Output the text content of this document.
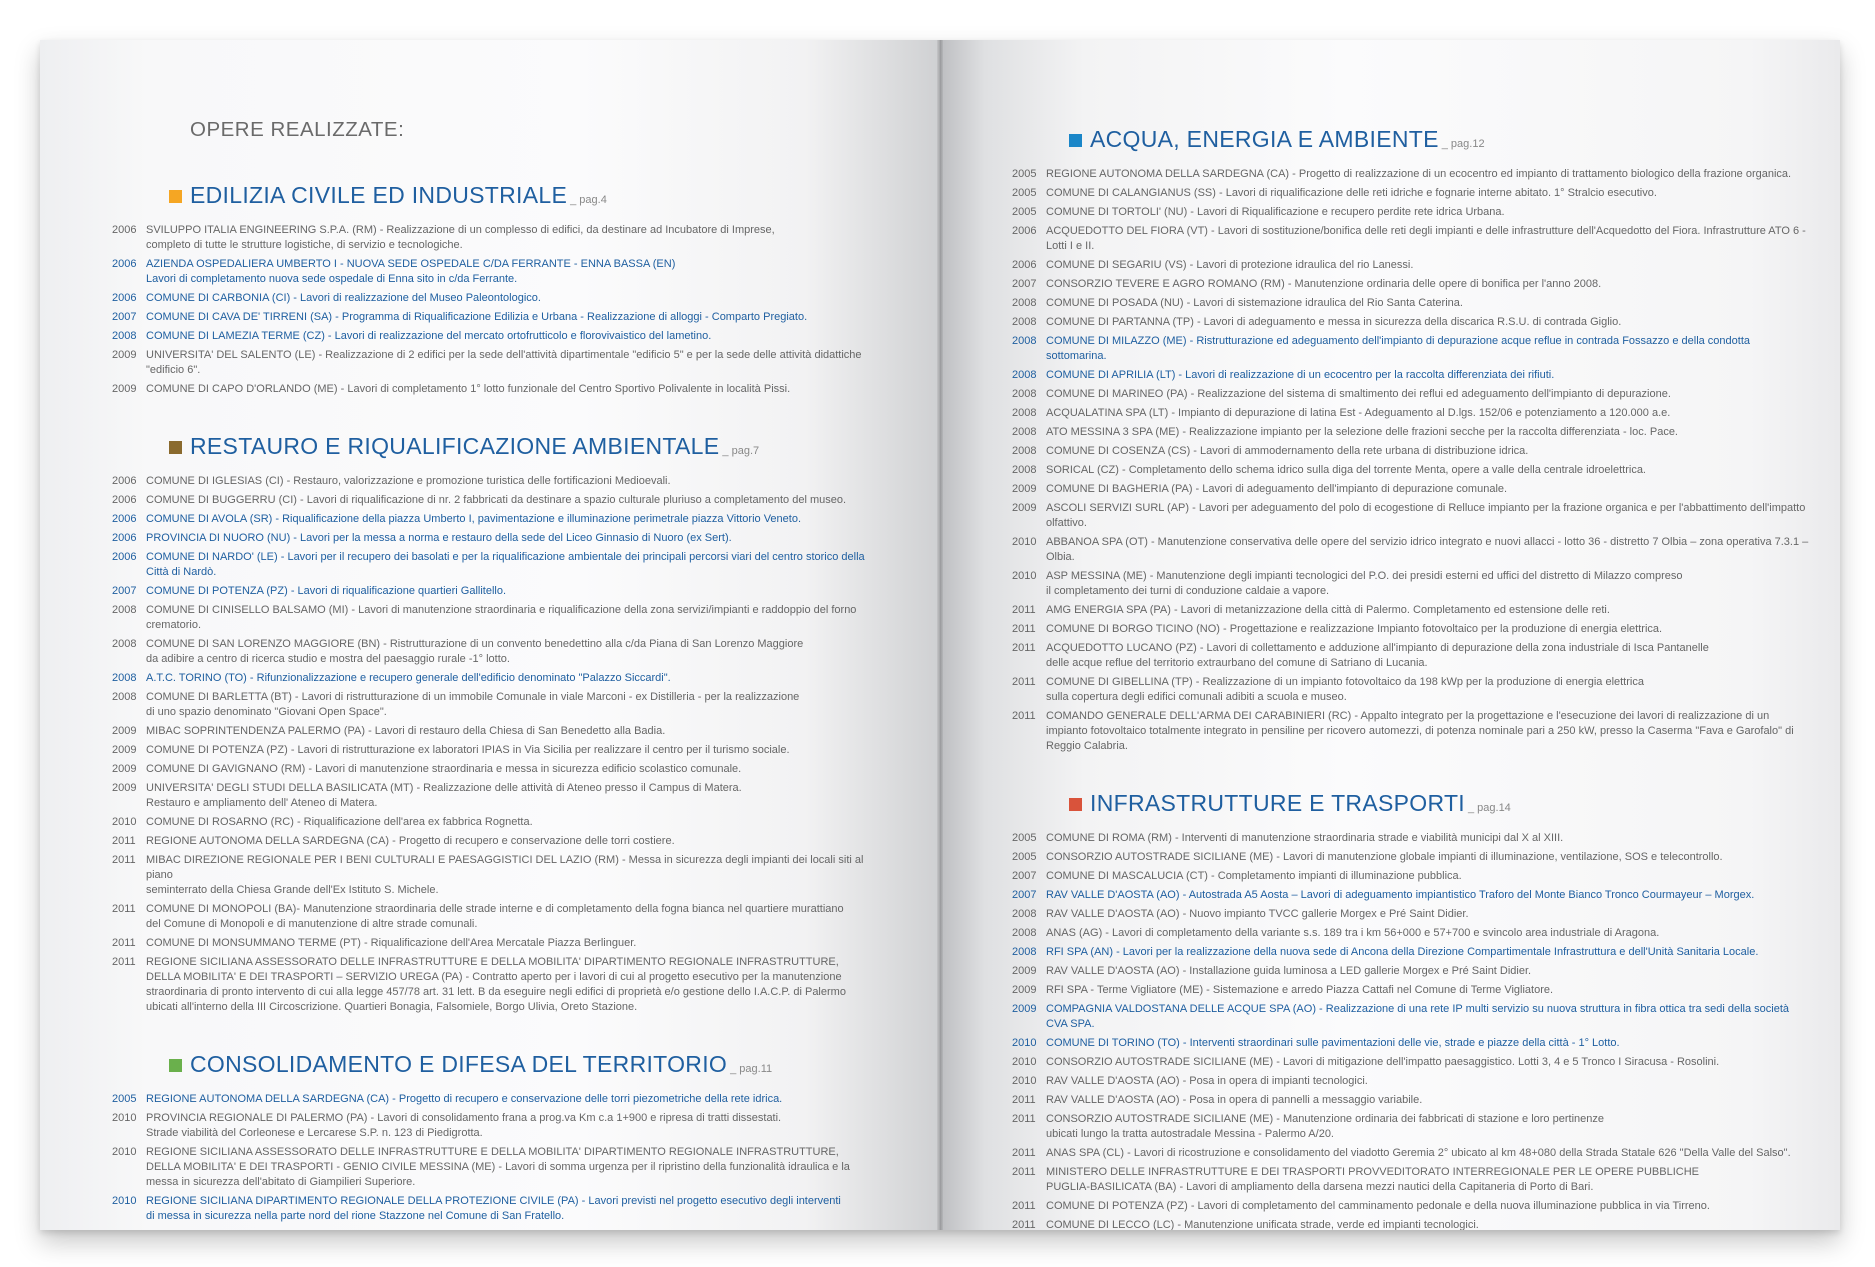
OPERE REALIZZATE:
EDILIZIA CIVILE ED INDUSTRIALE _ pag.4
2006 SVILUPPO ITALIA ENGINEERING S.P.A. (RM) - Realizzazione di un complesso di edifici, da destinare ad Incubatore di Imprese,
completo di tutte le strutture logistiche, di servizio e tecnologiche.
2006 AZIENDA OSPEDALIERA UMBERTO I - NUOVA SEDE OSPEDALE C/DA FERRANTE - ENNA BASSA (EN)
Lavori di completamento nuova sede ospedale di Enna sito in c/da Ferrante.
2006 COMUNE DI CARBONIA (CI) - Lavori di realizzazione del Museo Paleontologico.
2007 COMUNE DI CAVA DE' TIRRENI (SA) - Programma di Riqualificazione Edilizia e Urbana - Realizzazione di alloggi - Comparto Pregiato.
2008 COMUNE DI LAMEZIA TERME (CZ) - Lavori di realizzazione del mercato ortofrutticolo e florovivaistico del lametino.
2009 UNIVERSITA' DEL SALENTO (LE) - Realizzazione di 2 edifici per la sede dell'attività dipartimentale "edificio 5" e per la sede delle attività didattiche "edificio 6".
2009 COMUNE DI CAPO D'ORLANDO (ME) - Lavori di completamento 1° lotto funzionale del Centro Sportivo Polivalente in località Pissi.
RESTAURO E RIQUALIFICAZIONE AMBIENTALE _ pag.7
2006 COMUNE DI IGLESIAS (CI) - Restauro, valorizzazione e promozione turistica delle fortificazioni Medioevali.
2006 COMUNE DI BUGGERRU (CI) - Lavori di riqualificazione di nr. 2 fabbricati da destinare a spazio culturale pluriuso a completamento del museo.
2006 COMUNE DI AVOLA (SR) - Riqualificazione della piazza Umberto I, pavimentazione e illuminazione perimetrale piazza Vittorio Veneto.
2006 PROVINCIA DI NUORO (NU) - Lavori per la messa a norma e restauro della sede del Liceo Ginnasio di Nuoro (ex Sert).
2006 COMUNE DI NARDO' (LE) - Lavori per il recupero dei basolati e per la riqualificazione ambientale dei principali percorsi viari del centro storico della Città di Nardò.
2007 COMUNE DI POTENZA (PZ) - Lavori di riqualificazione quartieri Gallitello.
2008 COMUNE DI CINISELLO BALSAMO (MI) - Lavori di manutenzione straordinaria e riqualificazione della zona servizi/impianti e raddoppio del forno crematorio.
2008 COMUNE DI SAN LORENZO MAGGIORE (BN) - Ristrutturazione di un convento benedettino alla c/da Piana di San Lorenzo Maggiore
da adibire a centro di ricerca studio e mostra del paesaggio rurale -1° lotto.
2008 A.T.C. TORINO (TO) - Rifunzionalizzazione e recupero generale dell'edificio denominato "Palazzo Siccardi".
2008 COMUNE DI BARLETTA (BT) - Lavori di ristrutturazione di un immobile Comunale in viale Marconi - ex Distilleria - per la realizzazione
di uno spazio denominato "Giovani Open Space".
2009 MIBAC SOPRINTENDENZA PALERMO (PA) - Lavori di restauro della Chiesa di San Benedetto alla Badia.
2009 COMUNE DI POTENZA (PZ) - Lavori di ristrutturazione ex laboratori IPIAS in Via Sicilia per realizzare il centro per il turismo sociale.
2009 COMUNE DI GAVIGNANO (RM) - Lavori di manutenzione straordinaria e messa in sicurezza edificio scolastico comunale.
2009 UNIVERSITA' DEGLI STUDI DELLA BASILICATA (MT) - Realizzazione delle attività di Ateneo presso il Campus di Matera.
Restauro e ampliamento dell' Ateneo di Matera.
2010 COMUNE DI ROSARNO (RC) - Riqualificazione dell'area ex fabbrica Rognetta.
2011 REGIONE AUTONOMA DELLA SARDEGNA (CA) - Progetto di recupero e conservazione delle torri costiere.
2011 MIBAC DIREZIONE REGIONALE PER I BENI CULTURALI E PAESAGGISTICI DEL LAZIO (RM) - Messa in sicurezza degli impianti dei locali siti al piano
seminterrato della Chiesa Grande dell'Ex Istituto S. Michele.
2011 COMUNE DI MONOPOLI (BA)- Manutenzione straordinaria delle strade interne e di completamento della fogna bianca nel quartiere murattiano
del Comune di Monopoli e di manutenzione di altre strade comunali.
2011 COMUNE DI MONSUMMANO TERME (PT) - Riqualificazione dell'Area Mercatale Piazza Berlinguer.
2011 REGIONE SICILIANA ASSESSORATO DELLE INFRASTRUTTURE E DELLA MOBILITA' DIPARTIMENTO REGIONALE INFRASTRUTTURE,
DELLA MOBILITA' E DEI TRASPORTI – SERVIZIO UREGA (PA) - Contratto aperto per i lavori di cui al progetto esecutivo per la manutenzione straordinaria di pronto intervento di cui alla legge 457/78 art. 31 lett. B da eseguire negli edifici di proprietà e/o gestione dello I.A.C.P. di Palermo ubicati all'interno della III Circoscrizione. Quartieri Bonagia, Falsomiele, Borgo Ulivia, Oreto Stazione.
CONSOLIDAMENTO E DIFESA DEL TERRITORIO _ pag.11
2005 REGIONE AUTONOMA DELLA SARDEGNA (CA) - Progetto di recupero e conservazione delle torri piezometriche della rete idrica.
2010 PROVINCIA REGIONALE DI PALERMO (PA) - Lavori di consolidamento frana a prog.va Km c.a 1+900 e ripresa di tratti dissestati.
Strade viabilità del Corleonese e Lercarese S.P. n. 123 di Piedigrotta.
2010 REGIONE SICILIANA ASSESSORATO DELLE INFRASTRUTTURE E DELLA MOBILITA' DIPARTIMENTO REGIONALE INFRASTRUTTURE,
DELLA MOBILITA' E DEI TRASPORTI - GENIO CIVILE MESSINA (ME) - Lavori di somma urgenza per il ripristino della funzionalità idraulica e la messa in sicurezza dell'abitato di Giampilieri Superiore.
2010 REGIONE SICILIANA DIPARTIMENTO REGIONALE DELLA PROTEZIONE CIVILE (PA) - Lavori previsti nel progetto esecutivo degli interventi
di messa in sicurezza nella parte nord del rione Stazzone nel Comune di San Fratello.
ACQUA, ENERGIA E AMBIENTE _ pag.12
2005 REGIONE AUTONOMA DELLA SARDEGNA (CA) - Progetto di realizzazione di un ecocentro ed impianto di trattamento biologico della frazione organica.
2005 COMUNE DI CALANGIANUS (SS) - Lavori di riqualificazione delle reti idriche e fognarie interne abitato. 1° Stralcio esecutivo.
2005 COMUNE DI TORTOLI' (NU) - Lavori di Riqualificazione e recupero perdite rete idrica Urbana.
2006 ACQUEDOTTO DEL FIORA (VT) - Lavori di sostituzione/bonifica delle reti degli impianti e delle infrastrutture dell'Acquedotto del Fiora. Infrastrutture ATO 6 - Lotti I e II.
2006 COMUNE DI SEGARIU (VS) - Lavori di protezione idraulica del rio Lanessi.
2007 CONSORZIO TEVERE E AGRO ROMANO (RM) - Manutenzione ordinaria delle opere di bonifica per l'anno 2008.
2008 COMUNE DI POSADA (NU) - Lavori di sistemazione idraulica del Rio Santa Caterina.
2008 COMUNE DI PARTANNA (TP) - Lavori di adeguamento e messa in sicurezza della discarica R.S.U. di contrada Giglio.
2008 COMUNE DI MILAZZO (ME) - Ristrutturazione ed adeguamento dell'impianto di depurazione acque reflue in contrada Fossazzo e della condotta sottomarina.
2008 COMUNE DI APRILIA (LT) - Lavori di realizzazione di un ecocentro per la raccolta differenziata dei rifiuti.
2008 COMUNE DI MARINEO (PA) - Realizzazione del sistema di smaltimento dei reflui ed adeguamento dell'impianto di depurazione.
2008 ACQUALATINA SPA (LT) - Impianto di depurazione di latina Est - Adeguamento al D.lgs. 152/06 e potenziamento a 120.000 a.e.
2008 ATO MESSINA 3 SPA (ME) - Realizzazione impianto per la selezione delle frazioni secche per la raccolta differenziata - loc. Pace.
2008 COMUNE DI COSENZA (CS) - Lavori di ammodernamento della rete urbana di distribuzione idrica.
2008 SORICAL (CZ) - Completamento dello schema idrico sulla diga del torrente Menta, opere a valle della centrale idroelettrica.
2009 COMUNE DI BAGHERIA (PA) - Lavori di adeguamento dell'impianto di depurazione comunale.
2009 ASCOLI SERVIZI SURL (AP) - Lavori per adeguamento del polo di ecogestione di Relluce impianto per la frazione organica e per l'abbattimento dell'impatto olfattivo.
2010 ABBANOA SPA (OT) - Manutenzione conservativa delle opere del servizio idrico integrato e nuovi allacci - lotto 36 - distretto 7 Olbia – zona operativa 7.3.1 – Olbia.
2010 ASP MESSINA (ME) - Manutenzione degli impianti tecnologici del P.O. dei presidi esterni ed uffici del distretto di Milazzo compreso
il completamento dei turni di conduzione caldaie a vapore.
2011 AMG ENERGIA SPA (PA) - Lavori di metanizzazione della città di Palermo. Completamento ed estensione delle reti.
2011 COMUNE DI BORGO TICINO (NO) - Progettazione e realizzazione Impianto fotovoltaico per la produzione di energia elettrica.
2011 ACQUEDOTTO LUCANO (PZ) - Lavori di collettamento e adduzione all'impianto di depurazione della zona industriale di Isca Pantanelle
delle acque reflue del territorio extraurbano del comune di Satriano di Lucania.
2011 COMUNE DI GIBELLINA (TP) - Realizzazione di un impianto fotovoltaico da 198 kWp per la produzione di energia elettrica
sulla copertura degli edifici comunali adibiti a scuola e museo.
2011 COMANDO GENERALE DELL'ARMA DEI CARABINIERI (RC) - Appalto integrato per la progettazione e l'esecuzione dei lavori di realizzazione di un
impianto fotovoltaico totalmente integrato in pensiline per ricovero automezzi, di potenza nominale pari a 250 kW, presso la Caserma "Fava e Garofalo" di Reggio Calabria.
INFRASTRUTTURE E TRASPORTI _ pag.14
2005 COMUNE DI ROMA (RM) - Interventi di manutenzione straordinaria strade e viabilità municipi dal X al XIII.
2005 CONSORZIO AUTOSTRADE SICILIANE (ME) - Lavori di manutenzione globale impianti di illuminazione, ventilazione, SOS e telecontrollo.
2007 COMUNE DI MASCALUCIA (CT) - Completamento impianti di illuminazione pubblica.
2007 RAV VALLE D'AOSTA (AO) - Autostrada A5 Aosta – Lavori di adeguamento impiantistico Traforo del Monte Bianco Tronco Courmayeur – Morgex.
2008 RAV VALLE D'AOSTA (AO) - Nuovo impianto TVCC gallerie Morgex e Pré Saint Didier.
2008 ANAS (AG) - Lavori di completamento della variante s.s. 189 tra i km 56+000 e 57+700 e svincolo area industriale di Aragona.
2008 RFI SPA (AN) - Lavori per la realizzazione della nuova sede di Ancona della Direzione Compartimentale Infrastruttura e dell'Unità Sanitaria Locale.
2009 RAV VALLE D'AOSTA (AO) - Installazione guida luminosa a LED gallerie Morgex e Pré Saint Didier.
2009 RFI SPA - Terme Vigliatore (ME) - Sistemazione e arredo Piazza Cattafi nel Comune di Terme Vigliatore.
2009 COMPAGNIA VALDOSTANA DELLE ACQUE SPA (AO) - Realizzazione di una rete IP multi servizio su nuova struttura in fibra ottica tra sedi della società CVA SPA.
2010 COMUNE DI TORINO (TO) - Interventi straordinari sulle pavimentazioni delle vie, strade e piazze della città - 1° Lotto.
2010 CONSORZIO AUTOSTRADE SICILIANE (ME) - Lavori di mitigazione dell'impatto paesaggistico. Lotti 3, 4 e 5 Tronco I Siracusa - Rosolini.
2010 RAV VALLE D'AOSTA (AO) - Posa in opera di impianti tecnologici.
2011 RAV VALLE D'AOSTA (AO) - Posa in opera di pannelli a messaggio variabile.
2011 CONSORZIO AUTOSTRADE SICILIANE (ME) - Manutenzione ordinaria dei fabbricati di stazione e loro pertinenze
ubicati lungo la tratta autostradale Messina - Palermo A/20.
2011 ANAS SPA (CL) - Lavori di ricostruzione e consolidamento del viadotto Geremia 2° ubicato al km 48+080 della Strada Statale 626 "Della Valle del Salso".
2011 MINISTERO DELLE INFRASTRUTTURE E DEI TRASPORTI PROVVEDITORATO INTERREGIONALE PER LE OPERE PUBBLICHE
PUGLIA-BASILICATA (BA) - Lavori di ampliamento della darsena mezzi nautici della Capitaneria di Porto di Bari.
2011 COMUNE DI POTENZA (PZ) - Lavori di completamento del camminamento pedonale e della nuova illuminazione pubblica in via Tirreno.
2011 COMUNE DI LECCO (LC) - Manutenzione unificata strade, verde ed impianti tecnologici.
